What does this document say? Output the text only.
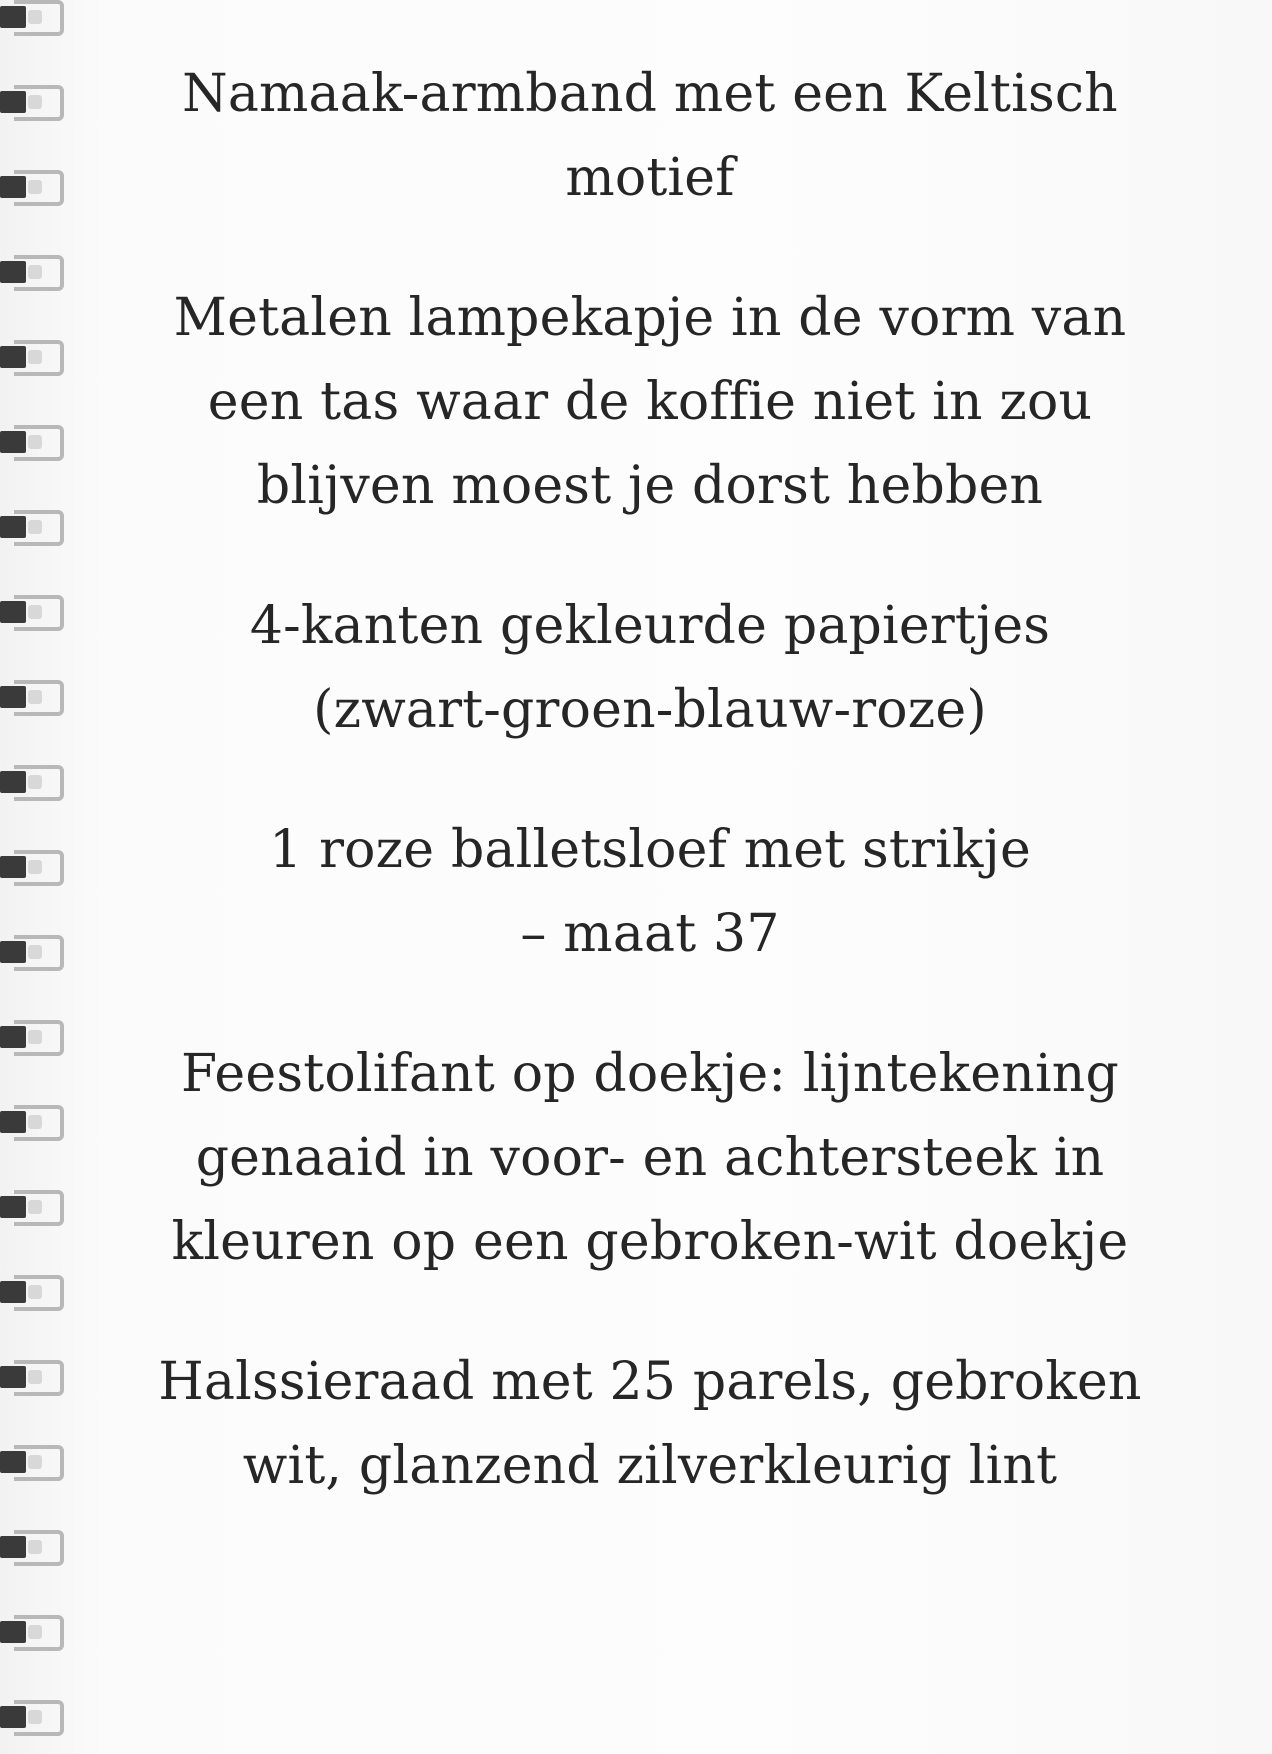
Namaak-armband met een Keltisch
motief
Metalen lampekapje in de vorm van
een tas waar de koffie niet in zou
blijven moest je dorst hebben
4-kanten gekleurde papiertjes
(zwart-groen-blauw-roze)
1 roze balletsloef met strikje
– maat 37
Feestolifant op doekje: lijntekening
genaaid in voor- en achtersteek in
kleuren op een gebroken-wit doekje
Halssieraad met 25 parels, gebroken
wit, glanzend zilverkleurig lint
